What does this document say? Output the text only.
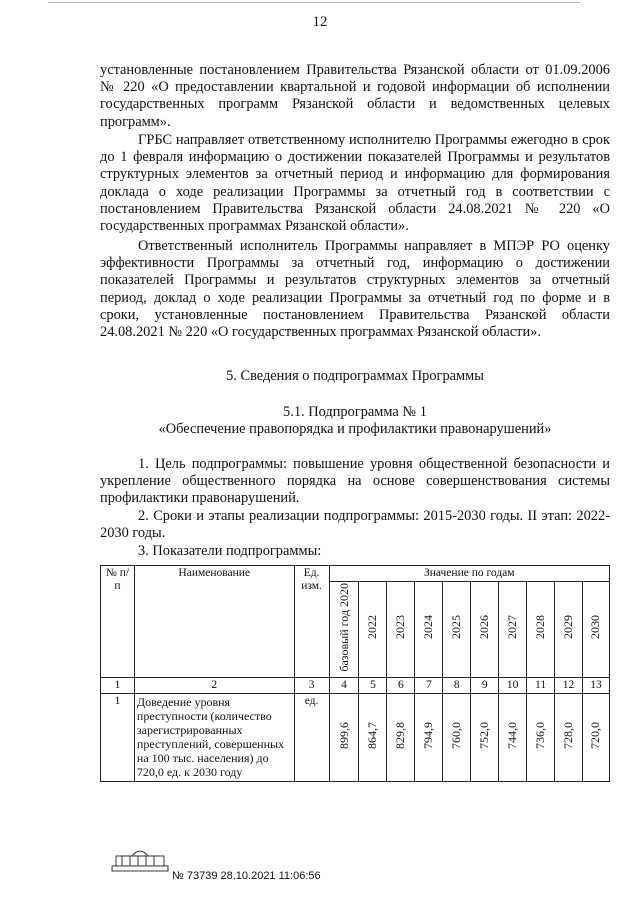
12

установленные постановлением Правительства Рязанской области от 01.09.2006 № 220 «О предоставлении квартальной и годовой информации об исполнении государственных программ Рязанской области и ведомственных целевых программ».

ГРБС направляет ответственному исполнителю Программы ежегодно в срок до 1 февраля информацию о достижении показателей Программы и результатов структурных элементов за отчетный период и информацию для формирования доклада о ходе реализации Программы за отчетный год в соответствии с постановлением Правительства Рязанской области 24.08.2021 № 220 «О государственных программах Рязанской области».

Ответственный исполнитель Программы направляет в МПЭР РО оценку эффективности Программы за отчетный год, информацию о достижении показателей Программы и результатов структурных элементов за отчетный период, доклад о ходе реализации Программы за отчетный год по форме и в сроки, установленные постановлением Правительства Рязанской области 24.08.2021 № 220 «О государственных программах Рязанской области».

5. Сведения о подпрограммах Программы

5.1. Подпрограмма № 1

«Обеспечение правопорядка и профилактики правонарушений»

1. Цель подпрограммы: повышение уровня общественной безопасности и укрепление общественного порядка на основе совершенствования системы профилактики правонарушений.

2. Сроки и этапы реализации подпрограммы: 2015-2030 годы. II этап: 2022-2030 годы.

3. Показатели подпрограммы:

№ п/п	Наименование	Ед. изм.	Значение по годам									
			базовый год 2020	2022	2023	2024	2025	2026	2027	2028	2029	2030
1	2	3	4	5	6	7	8	9	10	11	12	13
1	Доведение уровня преступности (количество зарегистрированных преступлений, совершенных на 100 тыс. населения) до 720,0 ед. к 2030 году	ед.	899,6	864,7	829,8	794,9	760,0	752,0	744,0	736,0	728,0	720,0
№ 73739 28.10.2021 11:06:56
